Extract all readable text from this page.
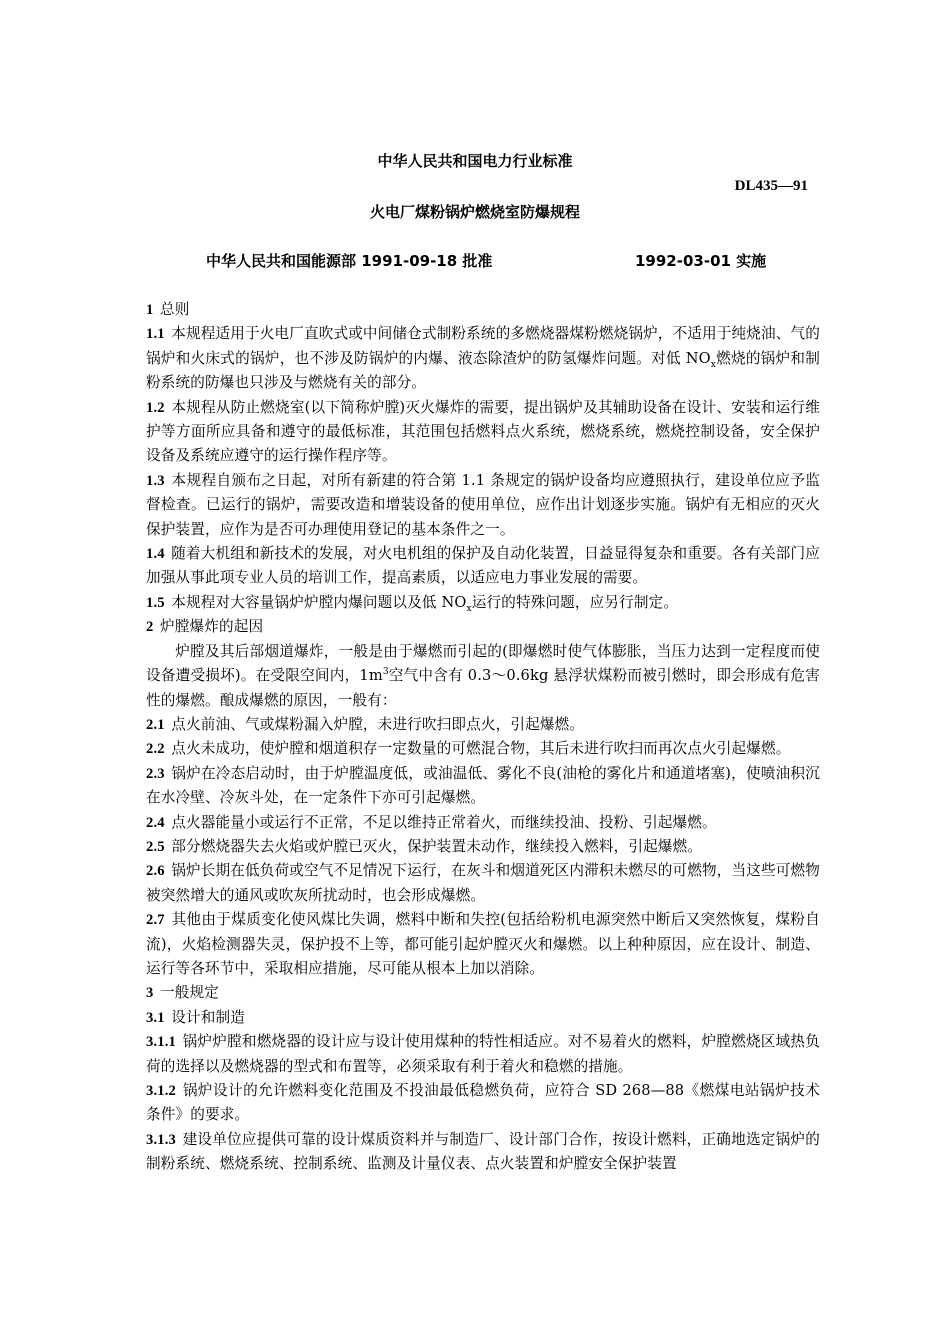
中华人民共和国电力行业标准
DL435—91
火电厂煤粉锅炉燃烧室防爆规程
中华人民共和国能源部 1991-09-18 批准	1992-03-01 实施

1 总则

1.1 本规程适用于火电厂直吹式或中间储仓式制粉系统的多燃烧器煤粉燃烧锅炉，不适用于纯烧油、气的锅炉和火床式的锅炉，也不涉及防锅炉的内爆、液态除渣炉的防氢爆炸问题。对低 $NO_x$燃烧的锅炉和制粉系统的防爆也只涉及与燃烧有关的部分。

1.2 本规程从防止燃烧室(以下简称炉膛)灭火爆炸的需要，提出锅炉及其辅助设备在设计、安装和运行维护等方面所应具备和遵守的最低标准，其范围包括燃料点火系统，燃烧系统，燃烧控制设备，安全保护设备及系统应遵守的运行操作程序等。

1.3 本规程自颁布之日起，对所有新建的符合第 1.1 条规定的锅炉设备均应遵照执行，建设单位应予监督检查。已运行的锅炉，需要改造和增装设备的使用单位，应作出计划逐步实施。锅炉有无相应的灭火保护装置，应作为是否可办理使用登记的基本条件之一。

1.4 随着大机组和新技术的发展，对火电机组的保护及自动化装置，日益显得复杂和重要。各有关部门应加强从事此项专业人员的培训工作，提高素质，以适应电力事业发展的需要。

1.5 本规程对大容量锅炉炉膛内爆问题以及低 $NO_x$运行的特殊问题，应另行制定。

2 炉膛爆炸的起因

炉膛及其后部烟道爆炸，一般是由于爆燃而引起的(即爆燃时使气体膨胀，当压力达到一定程度而使设备遭受损坏)。在受限空间内，$1m^3$空气中含有 0.3～0.6kg 悬浮状煤粉而被引燃时，即会形成有危害性的爆燃。酿成爆燃的原因，一般有：

2.1 点火前油、气或煤粉漏入炉膛，未进行吹扫即点火，引起爆燃。

2.2 点火未成功，使炉膛和烟道积存一定数量的可燃混合物，其后未进行吹扫而再次点火引起爆燃。

2.3 锅炉在冷态启动时，由于炉膛温度低，或油温低、雾化不良(油枪的雾化片和通道堵塞)，使喷油积沉在水冷壁、冷灰斗处，在一定条件下亦可引起爆燃。

2.4 点火器能量小或运行不正常，不足以维持正常着火，而继续投油、投粉、引起爆燃。

2.5 部分燃烧器失去火焰或炉膛已灭火，保护装置未动作，继续投入燃料，引起爆燃。

2.6 锅炉长期在低负荷或空气不足情况下运行，在灰斗和烟道死区内滞积未燃尽的可燃物，当这些可燃物被突然增大的通风或吹灰所扰动时，也会形成爆燃。

2.7 其他由于煤质变化使风煤比失调，燃料中断和失控(包括给粉机电源突然中断后又突然恢复，煤粉自流)，火焰检测器失灵，保护投不上等，都可能引起炉膛灭火和爆燃。以上种种原因，应在设计、制造、运行等各环节中，采取相应措施，尽可能从根本上加以消除。

3 一般规定

3.1 设计和制造

3.1.1 锅炉炉膛和燃烧器的设计应与设计使用煤种的特性相适应。对不易着火的燃料，炉膛燃烧区域热负荷的选择以及燃烧器的型式和布置等，必须采取有利于着火和稳燃的措施。

3.1.2 锅炉设计的允许燃料变化范围及不投油最低稳燃负荷，应符合 SD 268—88《燃煤电站锅炉技术条件》的要求。

3.1.3 建设单位应提供可靠的设计煤质资料并与制造厂、设计部门合作，按设计燃料，正确地选定锅炉的制粉系统、燃烧系统、控制系统、监测及计量仪表、点火装置和炉膛安全保护装置
